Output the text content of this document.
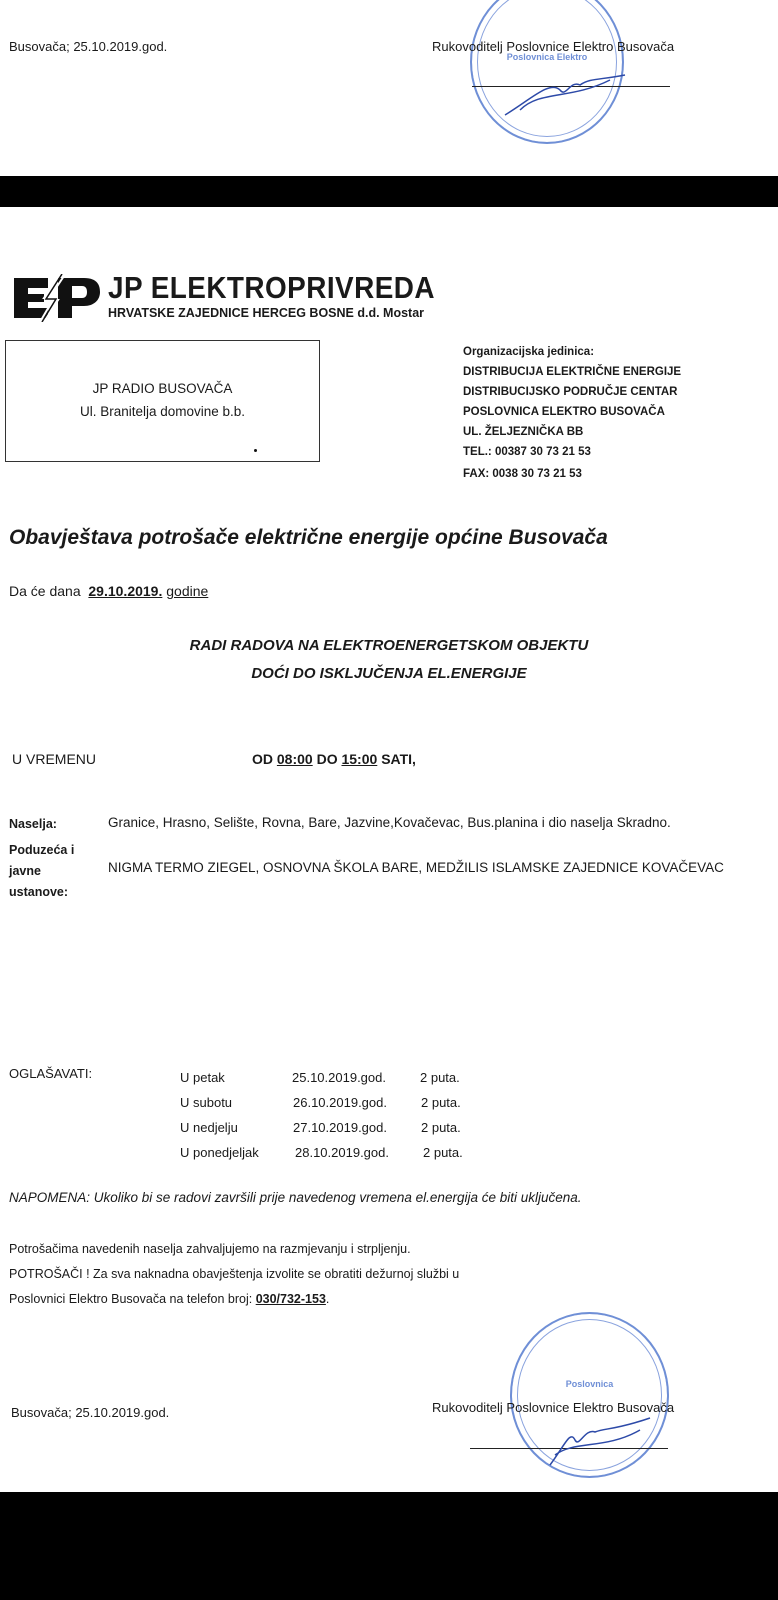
Poslovnica Elektro
Busovača; 25.10.2019.god.	Rukovoditelj Poslovnice Elektro Busovača
JP ELEKTROPRIVREDA
HRVATSKE ZAJEDNICE HERCEG BOSNE d.d. Mostar
JP RADIO BUSOVAČA
Ul. Branitelja domovine b.b.
Organizacijska jedinica:
DISTRIBUCIJA ELEKTRIČNE ENERGIJE
DISTRIBUCIJSKO PODRUČJE CENTAR
POSLOVNICA ELEKTRO BUSOVAČA
UL. ŽELJEZNIČKA BB
TEL.: 00387 30 73 21 53
FAX: 0038 30 73 21 53
Obavještava potrošače električne energije općine Busovača
Da će dana 29.10.2019. godine
RADI RADOVA NA ELEKTROENERGETSKOM OBJEKTU
DOĆI DO ISKLJUČENJA EL.ENERGIJE
U VREMENU	OD 08:00 DO 15:00 SATI,
Naselja:	Granice, Hrasno, Selište, Rovna, Bare, Jazvine,Kovačevac, Bus.planina i dio naselja Skradno.
Poduzeća i
javne
ustanove:
NIGMA TERMO ZIEGEL, OSNOVNA ŠKOLA BARE, MEDŽILIS ISLAMSKE ZAJEDNICE KOVAČEVAC
OGLAŠAVATI:	U petak	25.10.2019.god.	2 puta.
U subotu	26.10.2019.god.	2 puta.
U nedjelju	27.10.2019.god.	2 puta.
U ponedjeljak	28.10.2019.god.	2 puta.
NAPOMENA: Ukoliko bi se radovi završili prije navedenog vremena el.energija će biti uključena.
Potrošačima navedenih naselja zahvaljujemo na razmjevanju i strpljenju.
POTROŠAČI ! Za sva naknadna obavještenja izvolite se obratiti dežurnoj službi u
Poslovnici Elektro Busovača na telefon broj: 030/732-153.
Poslovnica
Busovača; 25.10.2019.god.	Rukovoditelj Poslovnice Elektro Busovača
